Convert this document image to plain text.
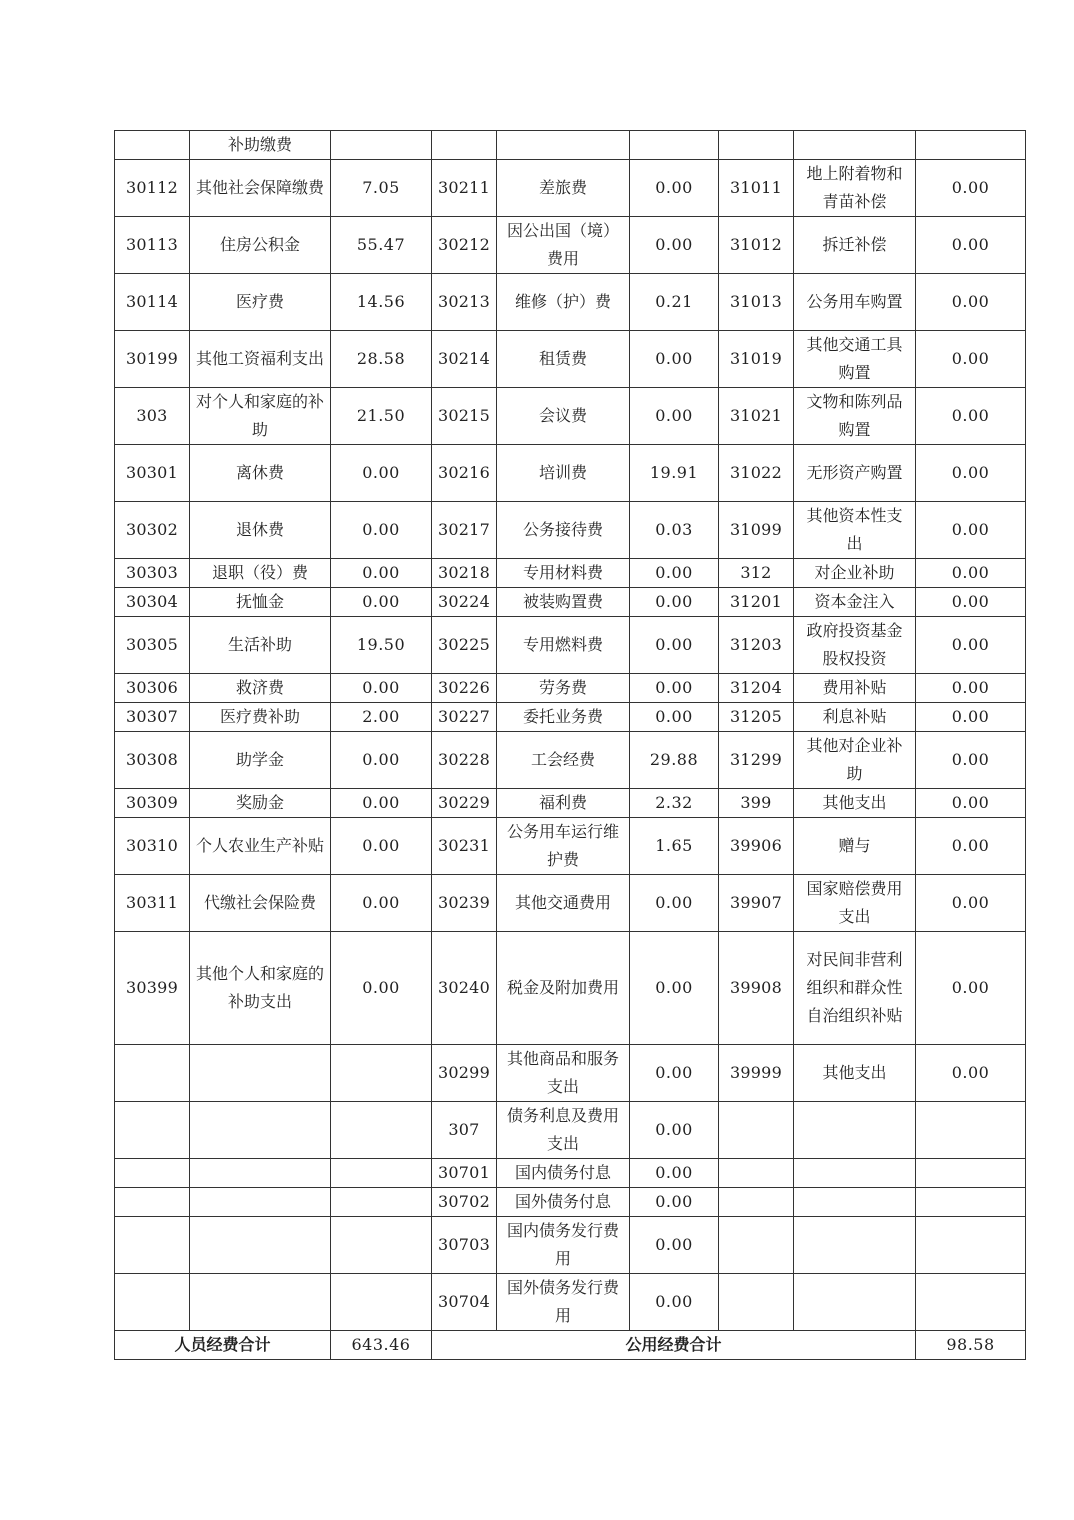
	补助缴费							
30112	其他社会保障缴费	7.05	30211	差旅费	0.00	31011	地上附着物和青苗补偿	0.00
30113	住房公积金	55.47	30212	因公出国（境）费用	0.00	31012	拆迁补偿	0.00
30114	医疗费	14.56	30213	维修（护）费	0.21	31013	公务用车购置	0.00
30199	其他工资福利支出	28.58	30214	租赁费	0.00	31019	其他交通工具购置	0.00
303	对个人和家庭的补助	21.50	30215	会议费	0.00	31021	文物和陈列品购置	0.00
30301	离休费	0.00	30216	培训费	19.91	31022	无形资产购置	0.00
30302	退休费	0.00	30217	公务接待费	0.03	31099	其他资本性支出	0.00
30303	退职（役）费	0.00	30218	专用材料费	0.00	312	对企业补助	0.00
30304	抚恤金	0.00	30224	被装购置费	0.00	31201	资本金注入	0.00
30305	生活补助	19.50	30225	专用燃料费	0.00	31203	政府投资基金股权投资	0.00
30306	救济费	0.00	30226	劳务费	0.00	31204	费用补贴	0.00
30307	医疗费补助	2.00	30227	委托业务费	0.00	31205	利息补贴	0.00
30308	助学金	0.00	30228	工会经费	29.88	31299	其他对企业补助	0.00
30309	奖励金	0.00	30229	福利费	2.32	399	其他支出	0.00
30310	个人农业生产补贴	0.00	30231	公务用车运行维护费	1.65	39906	赠与	0.00
30311	代缴社会保险费	0.00	30239	其他交通费用	0.00	39907	国家赔偿费用支出	0.00
30399	其他个人和家庭的补助支出	0.00	30240	税金及附加费用	0.00	39908	对民间非营利组织和群众性自治组织补贴	0.00
			30299	其他商品和服务支出	0.00	39999	其他支出	0.00
			307	债务利息及费用支出	0.00			
			30701	国内债务付息	0.00			
			30702	国外债务付息	0.00			
			30703	国内债务发行费用	0.00			
			30704	国外债务发行费用	0.00			
人员经费合计		643.46	公用经费合计					98.58
